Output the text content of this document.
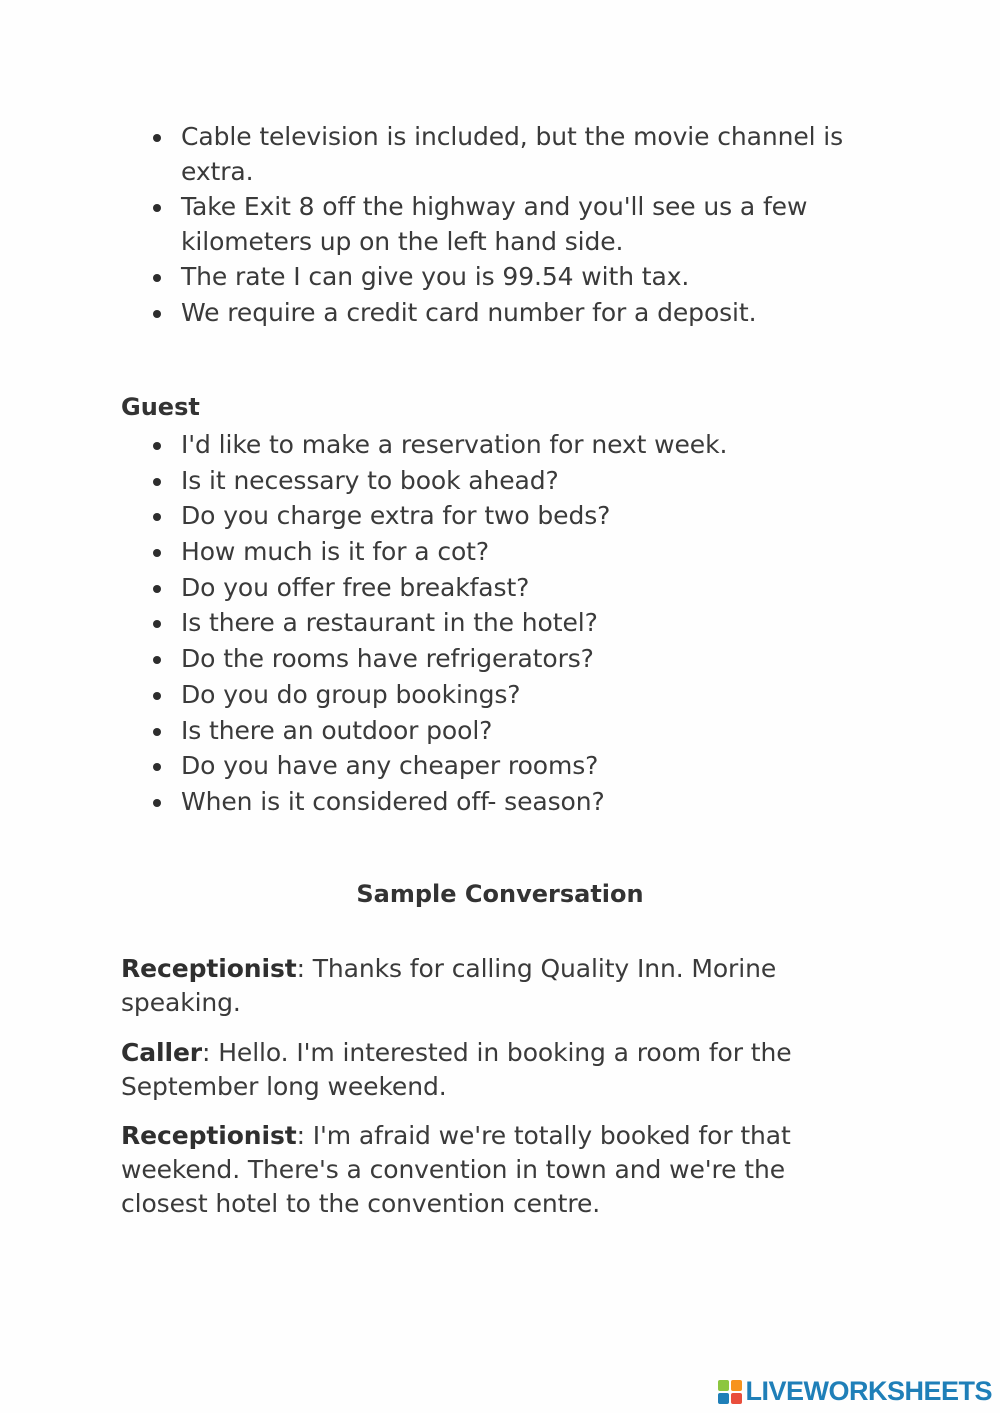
Cable television is included, but the movie channel is extra.
Take Exit 8 off the highway and you'll see us a few kilometers up on the left hand side.
The rate I can give you is 99.54 with tax.
We require a credit card number for a deposit.
Guest
I'd like to make a reservation for next week.
Is it necessary to book ahead?
Do you charge extra for two beds?
How much is it for a cot?
Do you offer free breakfast?
Is there a restaurant in the hotel?
Do the rooms have refrigerators?
Do you do group bookings?
Is there an outdoor pool?
Do you have any cheaper rooms?
When is it considered off- season?
Sample Conversation

Receptionist: Thanks for calling Quality Inn. Morine speaking.

Caller: Hello. I'm interested in booking a room for the September long weekend.

Receptionist: I'm afraid we're totally booked for that weekend. There's a convention in town and we're the closest hotel to the convention centre.

LIVEWORKSHEETS
